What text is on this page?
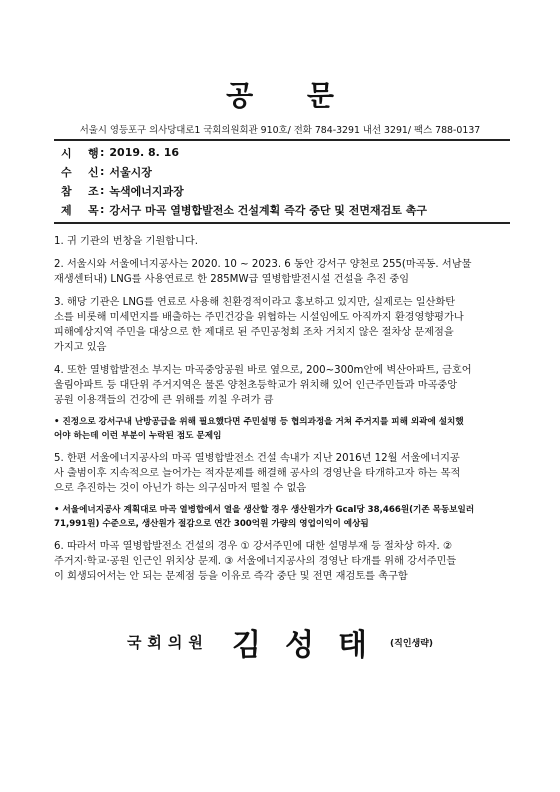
공 문
서울시 영등포구 의사당대로1 국회의원회관 910호/ 전화 784-3291 내선 3291/ 팩스 788-0137
시	행 : 2019. 8. 16
수	신 : 서울시장
참	조 : 녹색에너지과장
제	목 : 강서구 마곡 열병합발전소 건설계획 즉각 중단 및 전면재검토 촉구
1. 귀 기관의 번창을 기원합니다.
2. 서울시와 서울에너지공사는 2020. 10 ~ 2023. 6 동안 강서구 양천로 255(마곡동. 서남물
재생센터내) LNG를 사용연료로 한 285MW급 열병합발전시설 건설을 추진 중임
3. 해당 기관은 LNG를 연료로 사용해 친환경적이라고 홍보하고 있지만, 실제로는 일산화탄
소를 비롯해 미세먼지를 배출하는 주민건강을 위협하는 시설임에도 아직까지 환경영향평가나
피해예상지역 주민을 대상으로 한 제대로 된 주민공청회 조차 거치지 않은 절차상 문제점을
가지고 있음
4. 또한 열병합발전소 부지는 마곡중앙공원 바로 옆으로, 200~300m안에 벽산아파트, 금호어
울림아파트 등 대단위 주거지역은 물론 양천초등학교가 위치해 있어 인근주민들과 마곡중앙
공원 이용객들의 건강에 큰 위해를 끼칠 우려가 큼
• 진정으로 강서구내 난방공급을 위해 필요했다면 주민설명 등 협의과정을 거쳐 주거지를 피해 외곽에 설치했
어야 하는데 이런 부분이 누락된 점도 문제임
5. 한편 서울에너지공사의 마곡 열병합발전소 건설 속내가 지난 2016년 12월 서울에너지공
사 출범이후 지속적으로 늘어가는 적자문제를 해결해 공사의 경영난을 타개하고자 하는 목적
으로 추진하는 것이 아닌가 하는 의구심마저 떨칠 수 없음
• 서울에너지공사 계획대로 마곡 열병합에서 열을 생산할 경우 생산원가가 Gcal당 38,466원(기존 목동보일러
71,991원) 수준으로, 생산원가 절감으로 연간 300억원 가량의 영업이익이 예상됨
6. 따라서 마곡 열병합발전소 건설의 경우 ① 강서주민에 대한 설명부재 등 절차상 하자. ②
주거지·학교·공원 인근인 위치상 문제. ③ 서울에너지공사의 경영난 타개를 위해 강서주민들
이 희생되어서는 안 되는 문제점 등을 이유로 즉각 중단 및 전면 재검토를 촉구함
국회의원 김성태 (직인생략)
